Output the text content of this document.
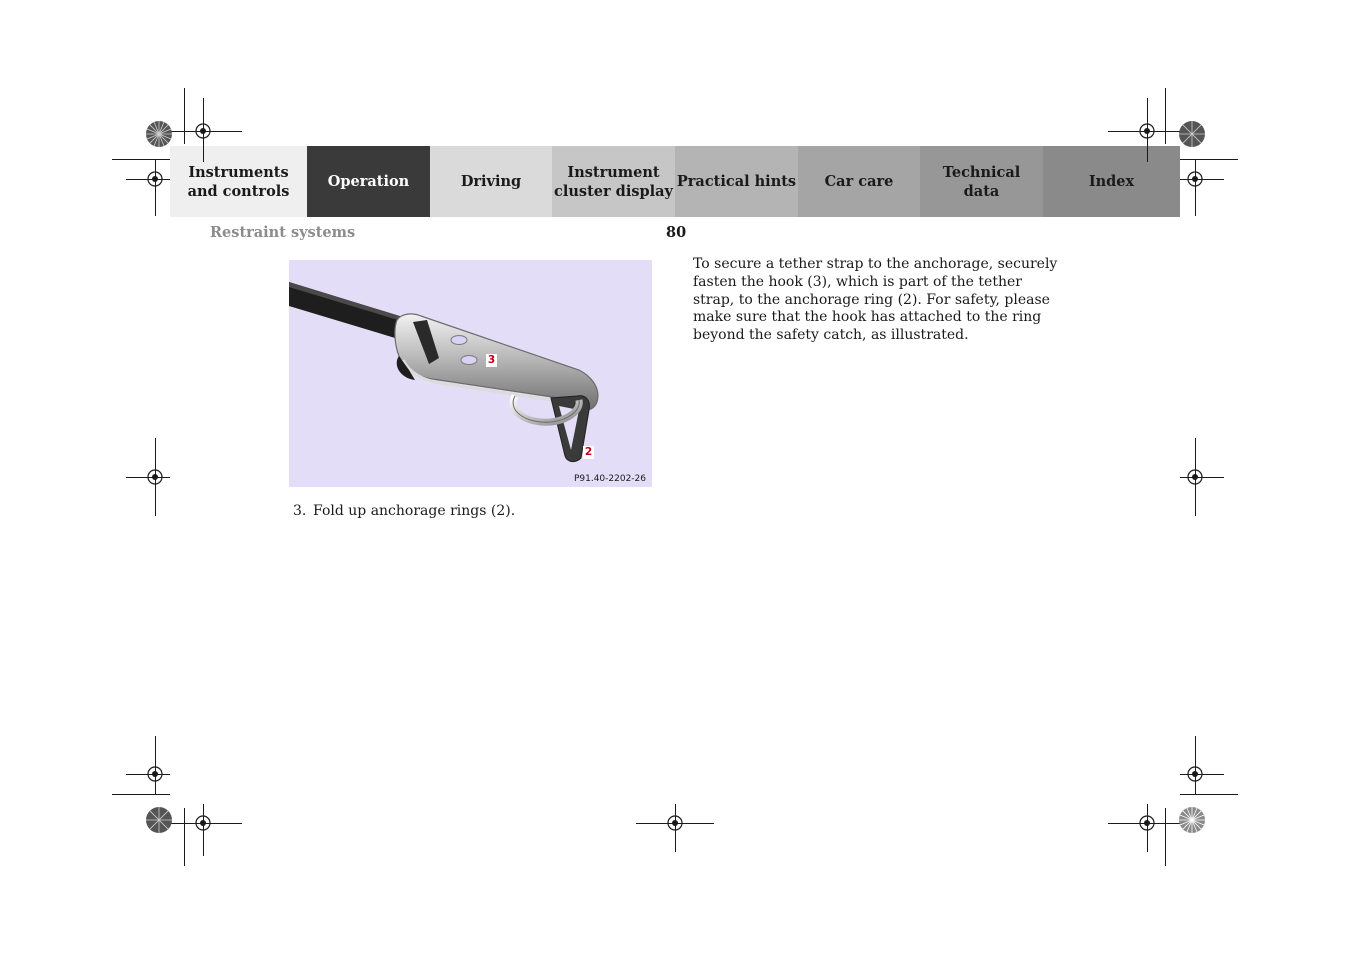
Instruments
and controls
Operation	Driving
Instrument
cluster display
Practical hints Car care
Technical
data
Index
Restraint systems	80
3
2
P91.40-2202-26
3. Fold up anchorage rings (2).
To secure a tether strap to the anchorage, securely fasten the hook (3), which is part of the tether strap, to the anchorage ring (2). For safety, please make sure that the hook has attached to the ring beyond the safety catch, as illustrated.
